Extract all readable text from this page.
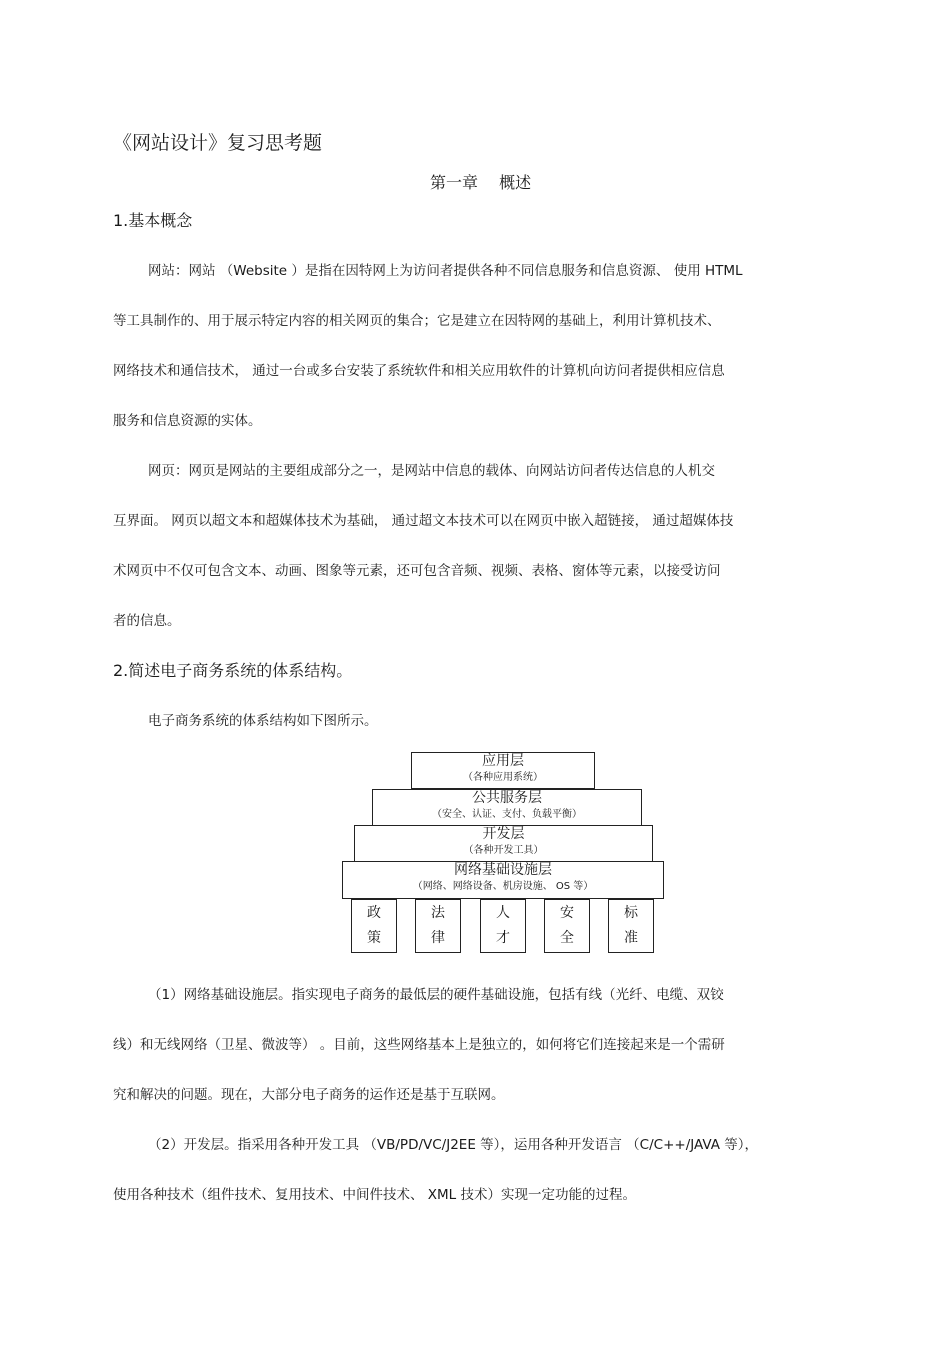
《网站设计》复习思考题
第一章　 概述
1.基本概念
网站：网站 （Website ）是指在因特网上为访问者提供各种不同信息服务和信息资源、 使用 HTML
等工具制作的、用于展示特定内容的相关网页的集合；它是建立在因特网的基础上，利用计算机技术、
网络技术和通信技术， 通过一台或多台安装了系统软件和相关应用软件的计算机向访问者提供相应信息
服务和信息资源的实体。
网页：网页是网站的主要组成部分之一，是网站中信息的载体、向网站访问者传达信息的人机交
互界面。 网页以超文本和超媒体技术为基础， 通过超文本技术可以在网页中嵌入超链接， 通过超媒体技
术网页中不仅可包含文本、动画、图象等元素，还可包含音频、视频、表格、窗体等元素，以接受访问
者的信息。
2.简述电子商务系统的体系结构。
电子商务系统的体系结构如下图所示。
应用层
（各种应用系统）
公共服务层
（安全、认证、支付、负载平衡）
开发层
（各种开发工具）
网络基础设施层
（网络、网络设备、机房设施、 OS 等）
政
策
法
律
人
才
安
全
标
准
（1）网络基础设施层。指实现电子商务的最低层的硬件基础设施，包括有线（光纤、电缆、双铰
线）和无线网络（卫星、微波等） 。目前，这些网络基本上是独立的，如何将它们连接起来是一个需研
究和解决的问题。现在，大部分电子商务的运作还是基于互联网。
（2）开发层。指采用各种开发工具 （VB/PD/VC/J2EE 等），运用各种开发语言 （C/C++/JAVA 等），
使用各种技术（组件技术、复用技术、中间件技术、 XML 技术）实现一定功能的过程。
